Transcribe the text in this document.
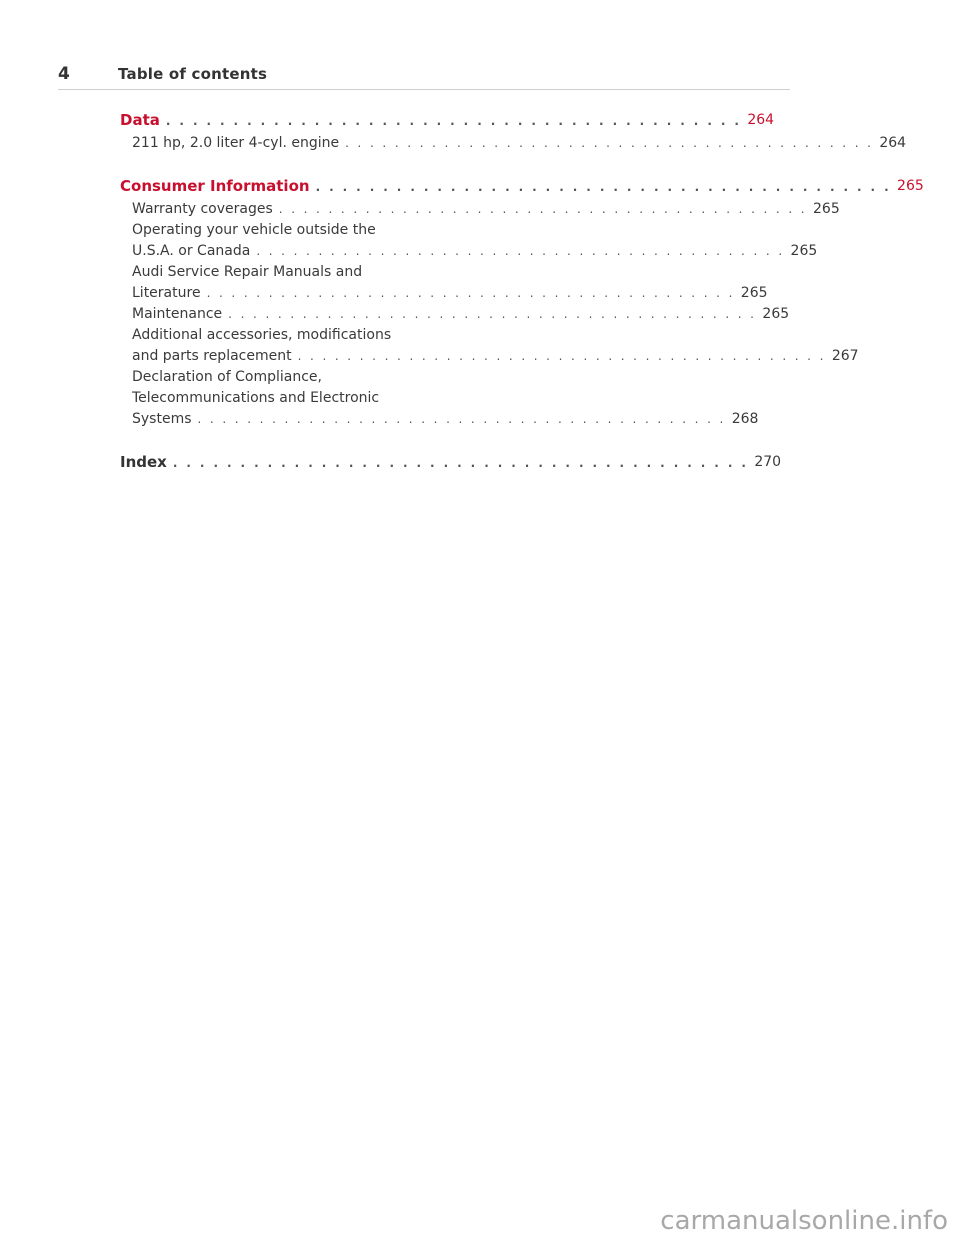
4	Table of contents
Data . . . . . . . . . . . . . . . . . . . . . . . . . . . . . . . . . . . . . . . . . . . 264
211 hp, 2.0 liter 4-cyl. engine . . . . . . . . . . . . . . . . . . . . . . . . . . . . . . . . . . . . . . . . . . . 264
Consumer Information . . . . . . . . . . . . . . . . . . . . . . . . . . . . . . . . . . . . . . . . . . . 265
Warranty coverages . . . . . . . . . . . . . . . . . . . . . . . . . . . . . . . . . . . . . . . . . . . 265
Operating your vehicle outside the
U.S.A. or Canada . . . . . . . . . . . . . . . . . . . . . . . . . . . . . . . . . . . . . . . . . . . 265
Audi Service Repair Manuals and
Literature . . . . . . . . . . . . . . . . . . . . . . . . . . . . . . . . . . . . . . . . . . . 265
Maintenance . . . . . . . . . . . . . . . . . . . . . . . . . . . . . . . . . . . . . . . . . . . 265
Additional accessories, modifications
and parts replacement . . . . . . . . . . . . . . . . . . . . . . . . . . . . . . . . . . . . . . . . . . . 267
Declaration of Compliance,
Telecommunications and Electronic
Systems . . . . . . . . . . . . . . . . . . . . . . . . . . . . . . . . . . . . . . . . . . . 268
Index . . . . . . . . . . . . . . . . . . . . . . . . . . . . . . . . . . . . . . . . . . . 270
carmanualsonline.info
